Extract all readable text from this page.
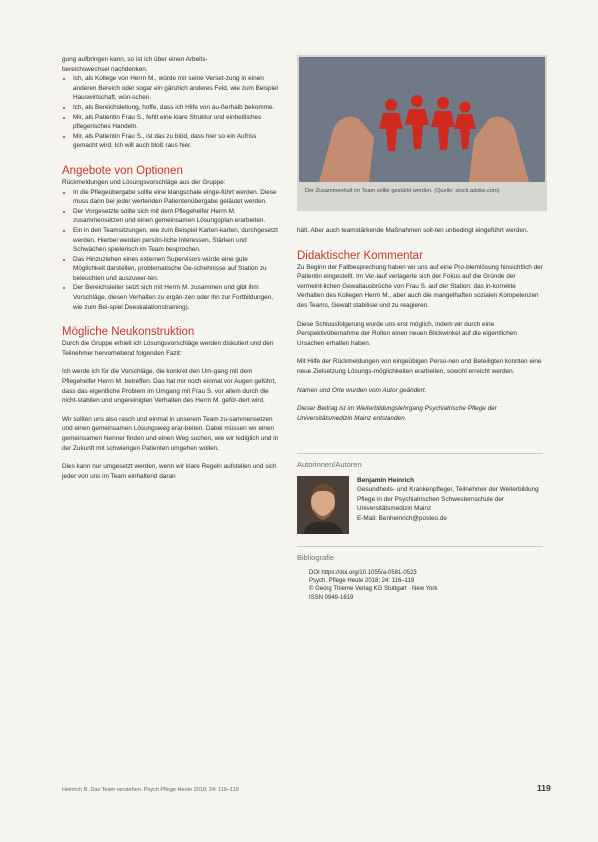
gung aufbringen kann, so ist ich über einen Arbeits-

bereichswechsel nachdenken.

• Ich, als Kollege von Herrn M., würde mir seine Verset-zung in einen anderen Bereich oder sogar ein gänzlich anderes Feld, wie zum Beispiel Hauswirtschaft, wün-schen.
• Ich, als Bereichsleitung, hoffe, dass ich Hilfe von au-ßerhalb bekomme.
• Mir, als Patientin Frau S., fehlt eine klare Struktur und einheitliches pflegerisches Handeln.
• Mir, als Patientin Frau S., ist das zu blöd, dass hier so ein Aufriss gemacht wird. Ich will auch bloß raus hier.
Angebote von Optionen

Rückmeldungen und Lösungsvorschläge aus der Gruppe:

• In die Pflegeübergabe sollte eine klangschale einge-führt werden. Diese muss dann bei jeder wertenden Patientenübergabe geläutet werden.
• Der Vorgesetzte sollte sich mit dem Pflegehelfer Herrn M. zusammensetzen und einen gemeinsamen Lösungsplan erarbeiten.
• Ein in den Teamsitzungen, wie zum Beispiel Karten-karten, durchgesetzt werden. Hierbei werden persön-liche Interessen, Stärken und Schwächen spielerisch im Team besprochen.
• Das Hinzuziehen eines externen Supervisors würde eine gute Möglichkeit darstellen, problematische Ge-schehnisse auf Station zu beleuchten und auszuwer-ten.
• Der Bereichsleiter setzt sich mit Herrn M. zusammen und gibt ihm Vorschläge, diesen Verhalten zu ergän-zen oder ihn zur Fortbildungen, wie zum Bei-spiel Deeskalationstraining).
Mögliche Neukonstruktion

Durch die Gruppe erhielt ich Lösungsvorschläge werden diskutiert und den Teilnehmer hervorhebend folgenden Fazit:

Ich werde ich für die Vorschläge, die konkret den Um-gang mit dem Pflegehelfer Herrn M. betreffen. Das hat mir noch einmal vor Augen geführt, dass das eigentliche Problem im Umgang mit Frau S. vor allem durch die nicht-stabilen und ungereinigten Verhalten des Herrn M. geför-dert wird.

Wir sollten uns also rasch und einmal in unserem Team zu-sammensetzen und einen gemeinsamen Lösungsweg erar-beiten. Dabei müssen wir einen gemeinsamen Nenner finden und einen Weg suchen, wie wir lediglich und in der Zukunft mit schwierigen Patienten umgehen wollen.

Dies kann nur umgesetzt werden, wenn wir klare Regeln aufstellen und sich jeder von uns im Team einhaltend daran

Der Zusammenhalt im Team sollte gestärkt werden. (Quelle: stock.adobe.com)

hält. Aber auch teamstärkende Maßnahmen soll-ten unbedingt eingeführt werden.

Didaktischer Kommentar

Zu Beginn der Fallbesprechung haben wir uns auf eine Pro-blemlösung hinsichtlich der Patientin eingestellt. Im Ver-lauf verlagerte sich der Fokus auf die Gründe der vermeint-lichen Gewaltausbrüche von Frau S. auf der Station: das in-korrekte Verhalten des Kollegen Herrn M., aber auch die mangelhaften sozialen Kompetenzen des Teams, Gewalt stabilisie und zu reagieren.

Diese Schlussfolgerung wurde uns erst möglich, indem wir durch eine Perspektivübernahme der Rollen einen neuen Blickwinkel auf die eigentlichen Ursachen erhalten haben.

Mit Hilfe der Rückmeldungen von eingeübigen Perso-nen und Beteiligten konnten eine neue Zielsetzung Lösungs-möglichkeiten erarbeiten, sowohl erreicht werden.

Namen und Orte wurden vom Autor geändert.

Dieser Beitrag ist im Weiterbildungslehrgang Psychiatrische Pflege der Universitätsmedizin Mainz entstanden.

Autorinnen/Autoren

Benjamin Heinrich

Gesundheits- und Krankenpfleger, Teilnehmer der Weiterbildung Pflege in der Psychiatrischen Schwesternschule der Universitätsmedizin Mainz

E-Mail: Benheinrich@posteo.de

Bibliografie

DOI https://doi.org/10.1055/a-0581-0523

Psych. Pflege Heute 2018; 24: 116–119

© Georg Thieme Verlag KG Stuttgart · New York

ISSN 0949-1619

Heinrich B. Das Team verstehen. Psych Pflege Heute 2018; 24: 116–119	119
